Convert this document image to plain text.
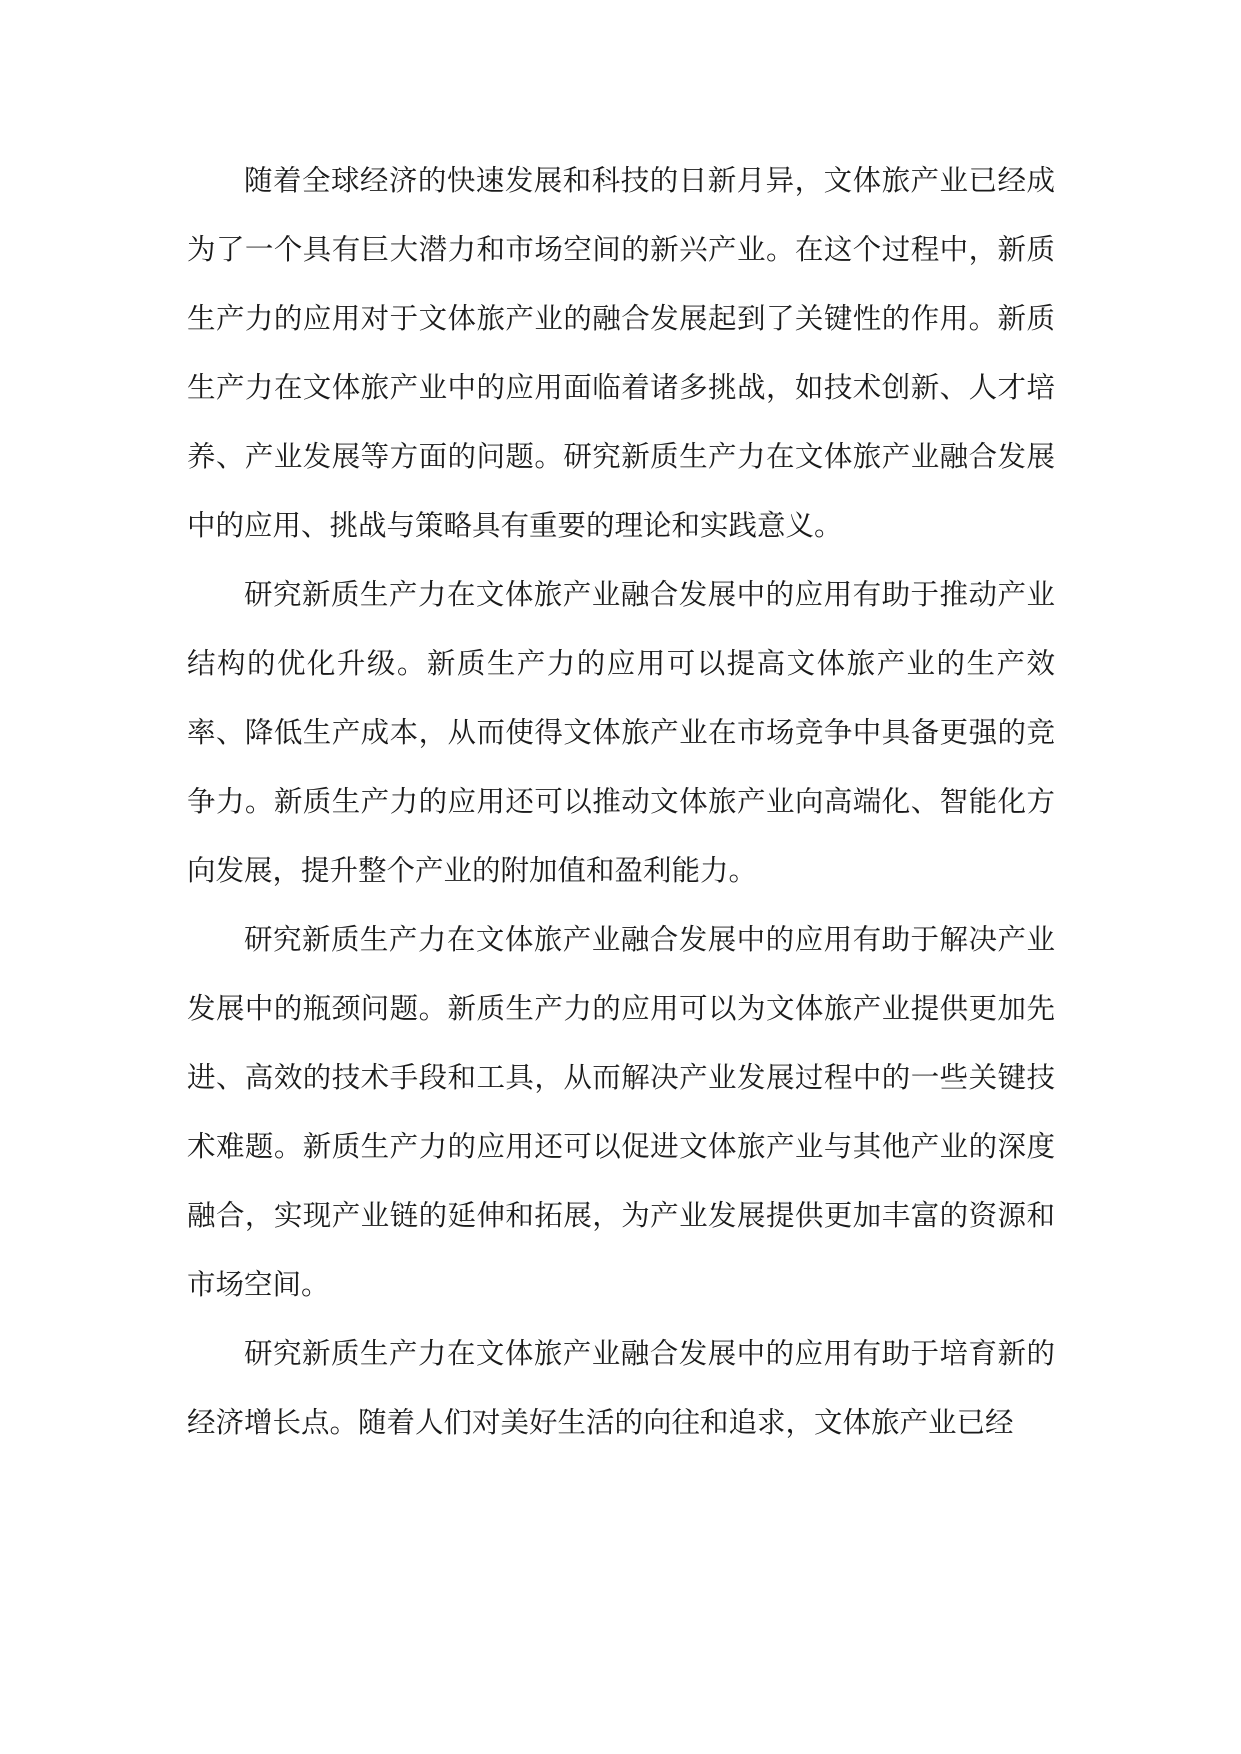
随着全球经济的快速发展和科技的日新月异，文体旅产业已经成为了一个具有巨大潜力和市场空间的新兴产业。在这个过程中，新质生产力的应用对于文体旅产业的融合发展起到了关键性的作用。新质生产力在文体旅产业中的应用面临着诸多挑战，如技术创新、人才培养、产业发展等方面的问题。研究新质生产力在文体旅产业融合发展中的应用、挑战与策略具有重要的理论和实践意义。

研究新质生产力在文体旅产业融合发展中的应用有助于推动产业结构的优化升级。新质生产力的应用可以提高文体旅产业的生产效率、降低生产成本，从而使得文体旅产业在市场竞争中具备更强的竞争力。新质生产力的应用还可以推动文体旅产业向高端化、智能化方向发展，提升整个产业的附加值和盈利能力。

研究新质生产力在文体旅产业融合发展中的应用有助于解决产业发展中的瓶颈问题。新质生产力的应用可以为文体旅产业提供更加先进、高效的技术手段和工具，从而解决产业发展过程中的一些关键技术难题。新质生产力的应用还可以促进文体旅产业与其他产业的深度融合，实现产业链的延伸和拓展，为产业发展提供更加丰富的资源和市场空间。

研究新质生产力在文体旅产业融合发展中的应用有助于培育新的经济增长点。随着人们对美好生活的向往和追求，文体旅产业已经
